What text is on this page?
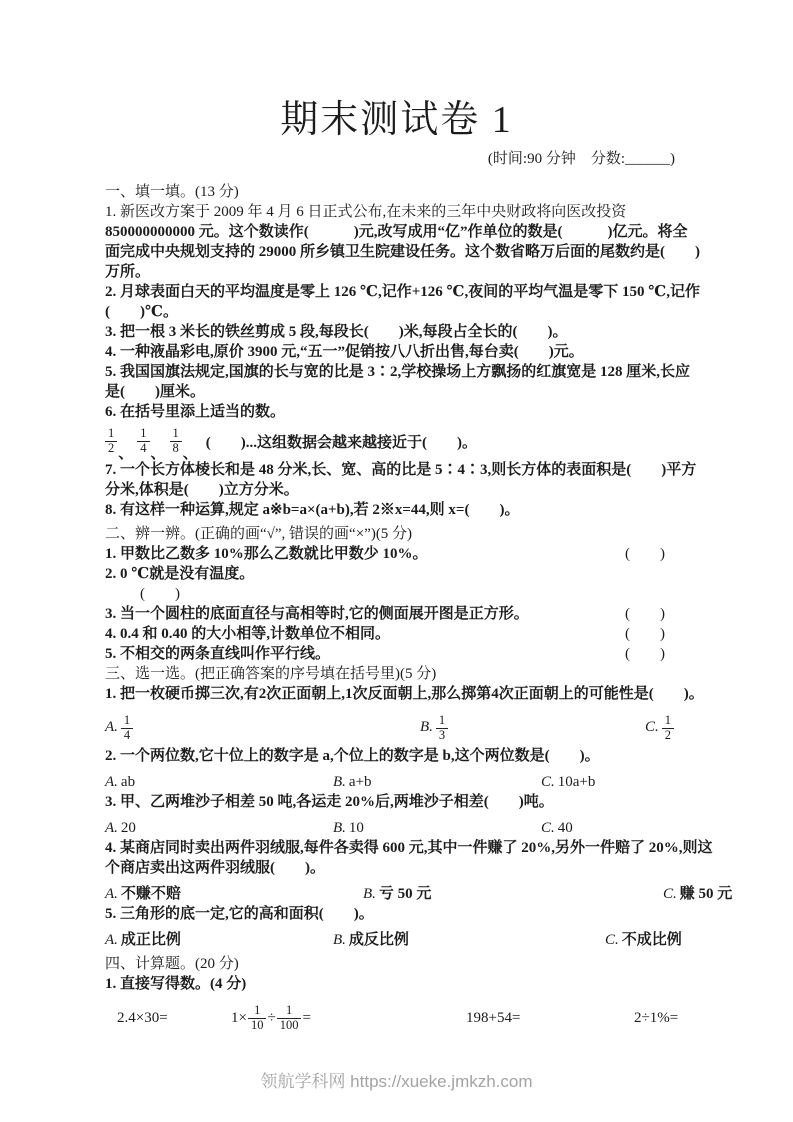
期末测试卷 1
(时间:90 分钟　分数:______)

一、填一填。(13 分)

1. 新医改方案于 2009 年 4 月 6 日正式公布,在未来的三年中央财政将向医改投资

850000000000 元。这个数读作(　　　)元,改写成用“亿”作单位的数是(　　　)亿元。将全

面完成中央规划支持的 29000 所乡镇卫生院建设任务。这个数省略万后面的尾数约是(　　)

万所。

2. 月球表面白天的平均温度是零上 126 ℃,记作+126 ℃,夜间的平均气温是零下 150 ℃,记作

(　　)℃。

3. 把一根 3 米长的铁丝剪成 5 段,每段长(　　)米,每段占全长的(　　)。

4. 一种液晶彩电,原价 3900 元,“五一”促销按八八折出售,每台卖(　　)元。

5. 我国国旗法规定,国旗的长与宽的比是 3∶2,学校操场上方飘扬的红旗宽是 128 厘米,长应

是(　　)厘米。

6. 在括号里添上适当的数。

$\frac{1}{2}$ 、 $\frac{1}{4}$ 、 $\frac{1}{8}$ 、
(　　)...这组数据会越来越接近于(　　)。

7. 一个长方体棱长和是 48 分米,长、宽、高的比是 5∶4∶3,则长方体的表面积是(　　)平方

分米,体积是(　　)立方分米。

8. 有这样一种运算,规定 a※b=a×(a+b),若 2※x=44,则 x=(　　)。

二、辨一辨。(正确的画“√”, 错误的画“×”)(5 分)

1. 甲数比乙数多 10%那么乙数就比甲数少 10%。	(　　)

2. 0 ℃就是没有温度。

(　　)

3. 当一个圆柱的底面直径与高相等时,它的侧面展开图是正方形。	(　　)

4. 0.4 和 0.40 的大小相等,计数单位不相同。	(　　)

5. 不相交的两条直线叫作平行线。	(　　)

三、选一选。(把正确答案的序号填在括号里)(5 分)

1. 把一枚硬币掷三次,有2次正面朝上,1次反面朝上,那么掷第4次正面朝上的可能性是(　　)。

A. $\frac{1}{4}$	B. $\frac{1}{3}$	C. $\frac{1}{2}$

2. 一个两位数,它十位上的数字是 a,个位上的数字是 b,这个两位数是(　　)。

A. ab	B. a+b	C. 10a+b

3. 甲、乙两堆沙子相差 50 吨,各运走 20%后,两堆沙子相差(　　)吨。

A. 20	B. 10	C. 40

4. 某商店同时卖出两件羽绒服,每件各卖得 600 元,其中一件赚了 20%,另外一件赔了 20%,则这

个商店卖出这两件羽绒服(　　)。

A. 不赚不赔	B. 亏 50 元	C. 赚 50 元

5. 三角形的底一定,它的高和面积(　　)。

A. 成正比例	B. 成反比例	C. 不成比例

四、计算题。(20 分)

1. 直接写得数。(4 分)

2.4×30=	$1\times \frac{1}{10} \div \frac{1}{100}$ =	198+54=	2÷1%=

领航学科网 https://xueke.jmkzh.com
